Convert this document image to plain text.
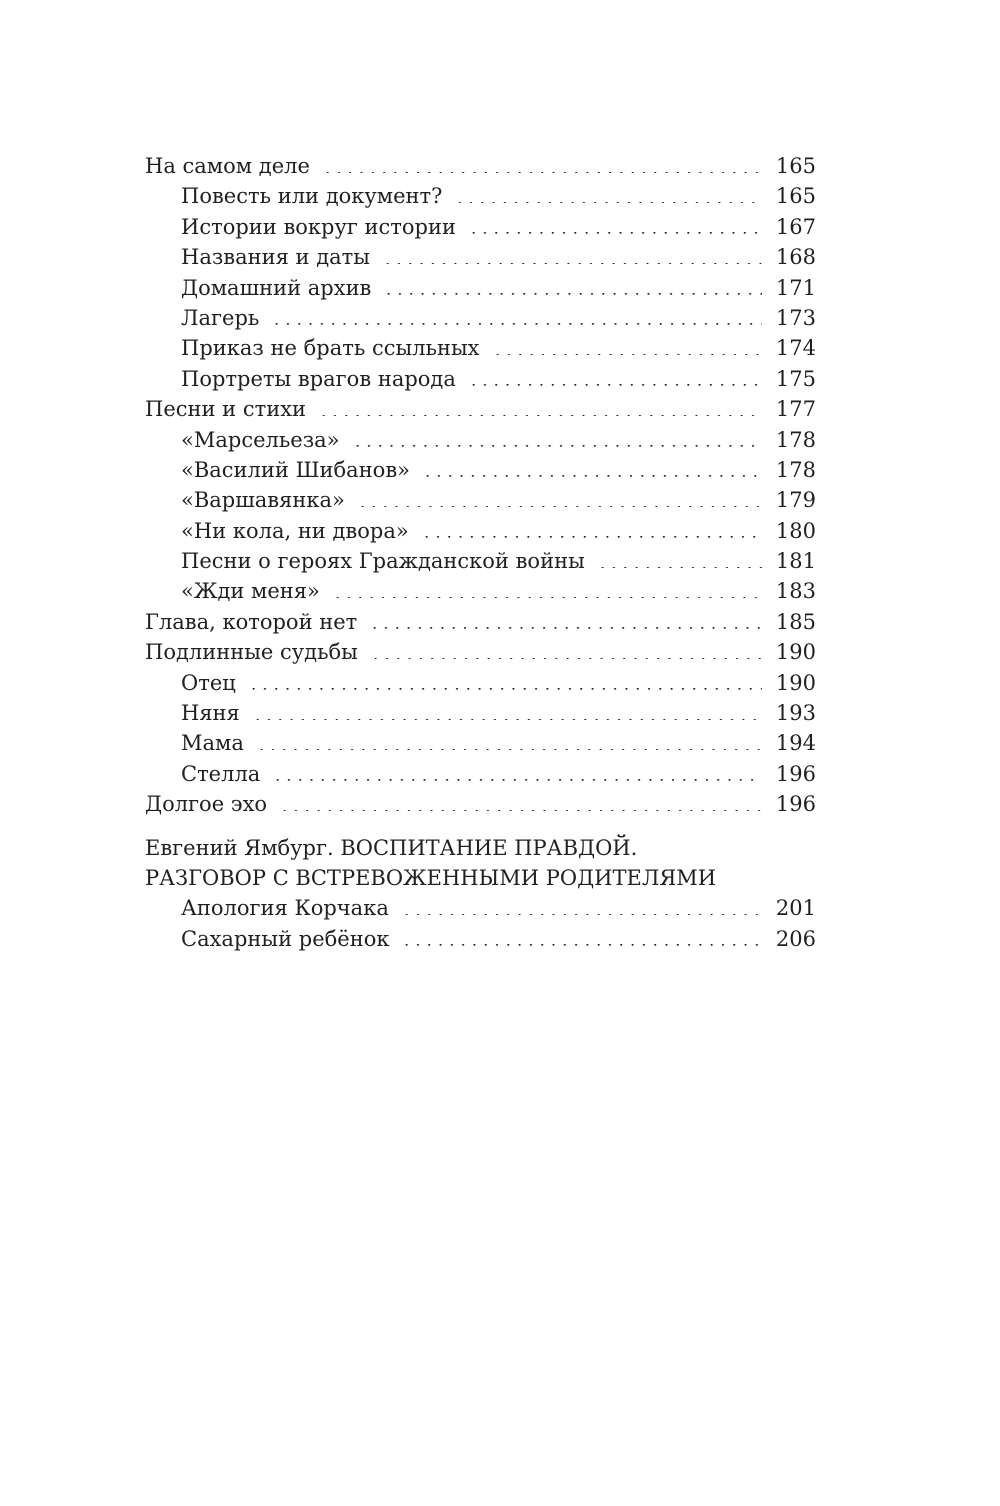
На самом деле	165
Повесть или документ?	165
Истории вокруг истории	167
Названия и даты	168
Домашний архив	171
Лагерь	173
Приказ не брать ссыльных	174
Портреты врагов народа	175
Песни и стихи	177
«Марсельеза»	178
«Василий Шибанов»	178
«Варшавянка»	179
«Ни кола, ни двора»	180
Песни о героях Гражданской войны	181
«Жди меня»	183
Глава, которой нет	185
Подлинные судьбы	190
Отец	190
Няня	193
Мама	194
Стелла	196
Долгое эхо	196
Евгений Ямбург. ВОСПИТАНИЕ ПРАВДОЙ.
РАЗГОВОР С ВСТРЕВОЖЕННЫМИ РОДИТЕЛЯМИ
Апология Корчака	201
Сахарный ребёнок	206
